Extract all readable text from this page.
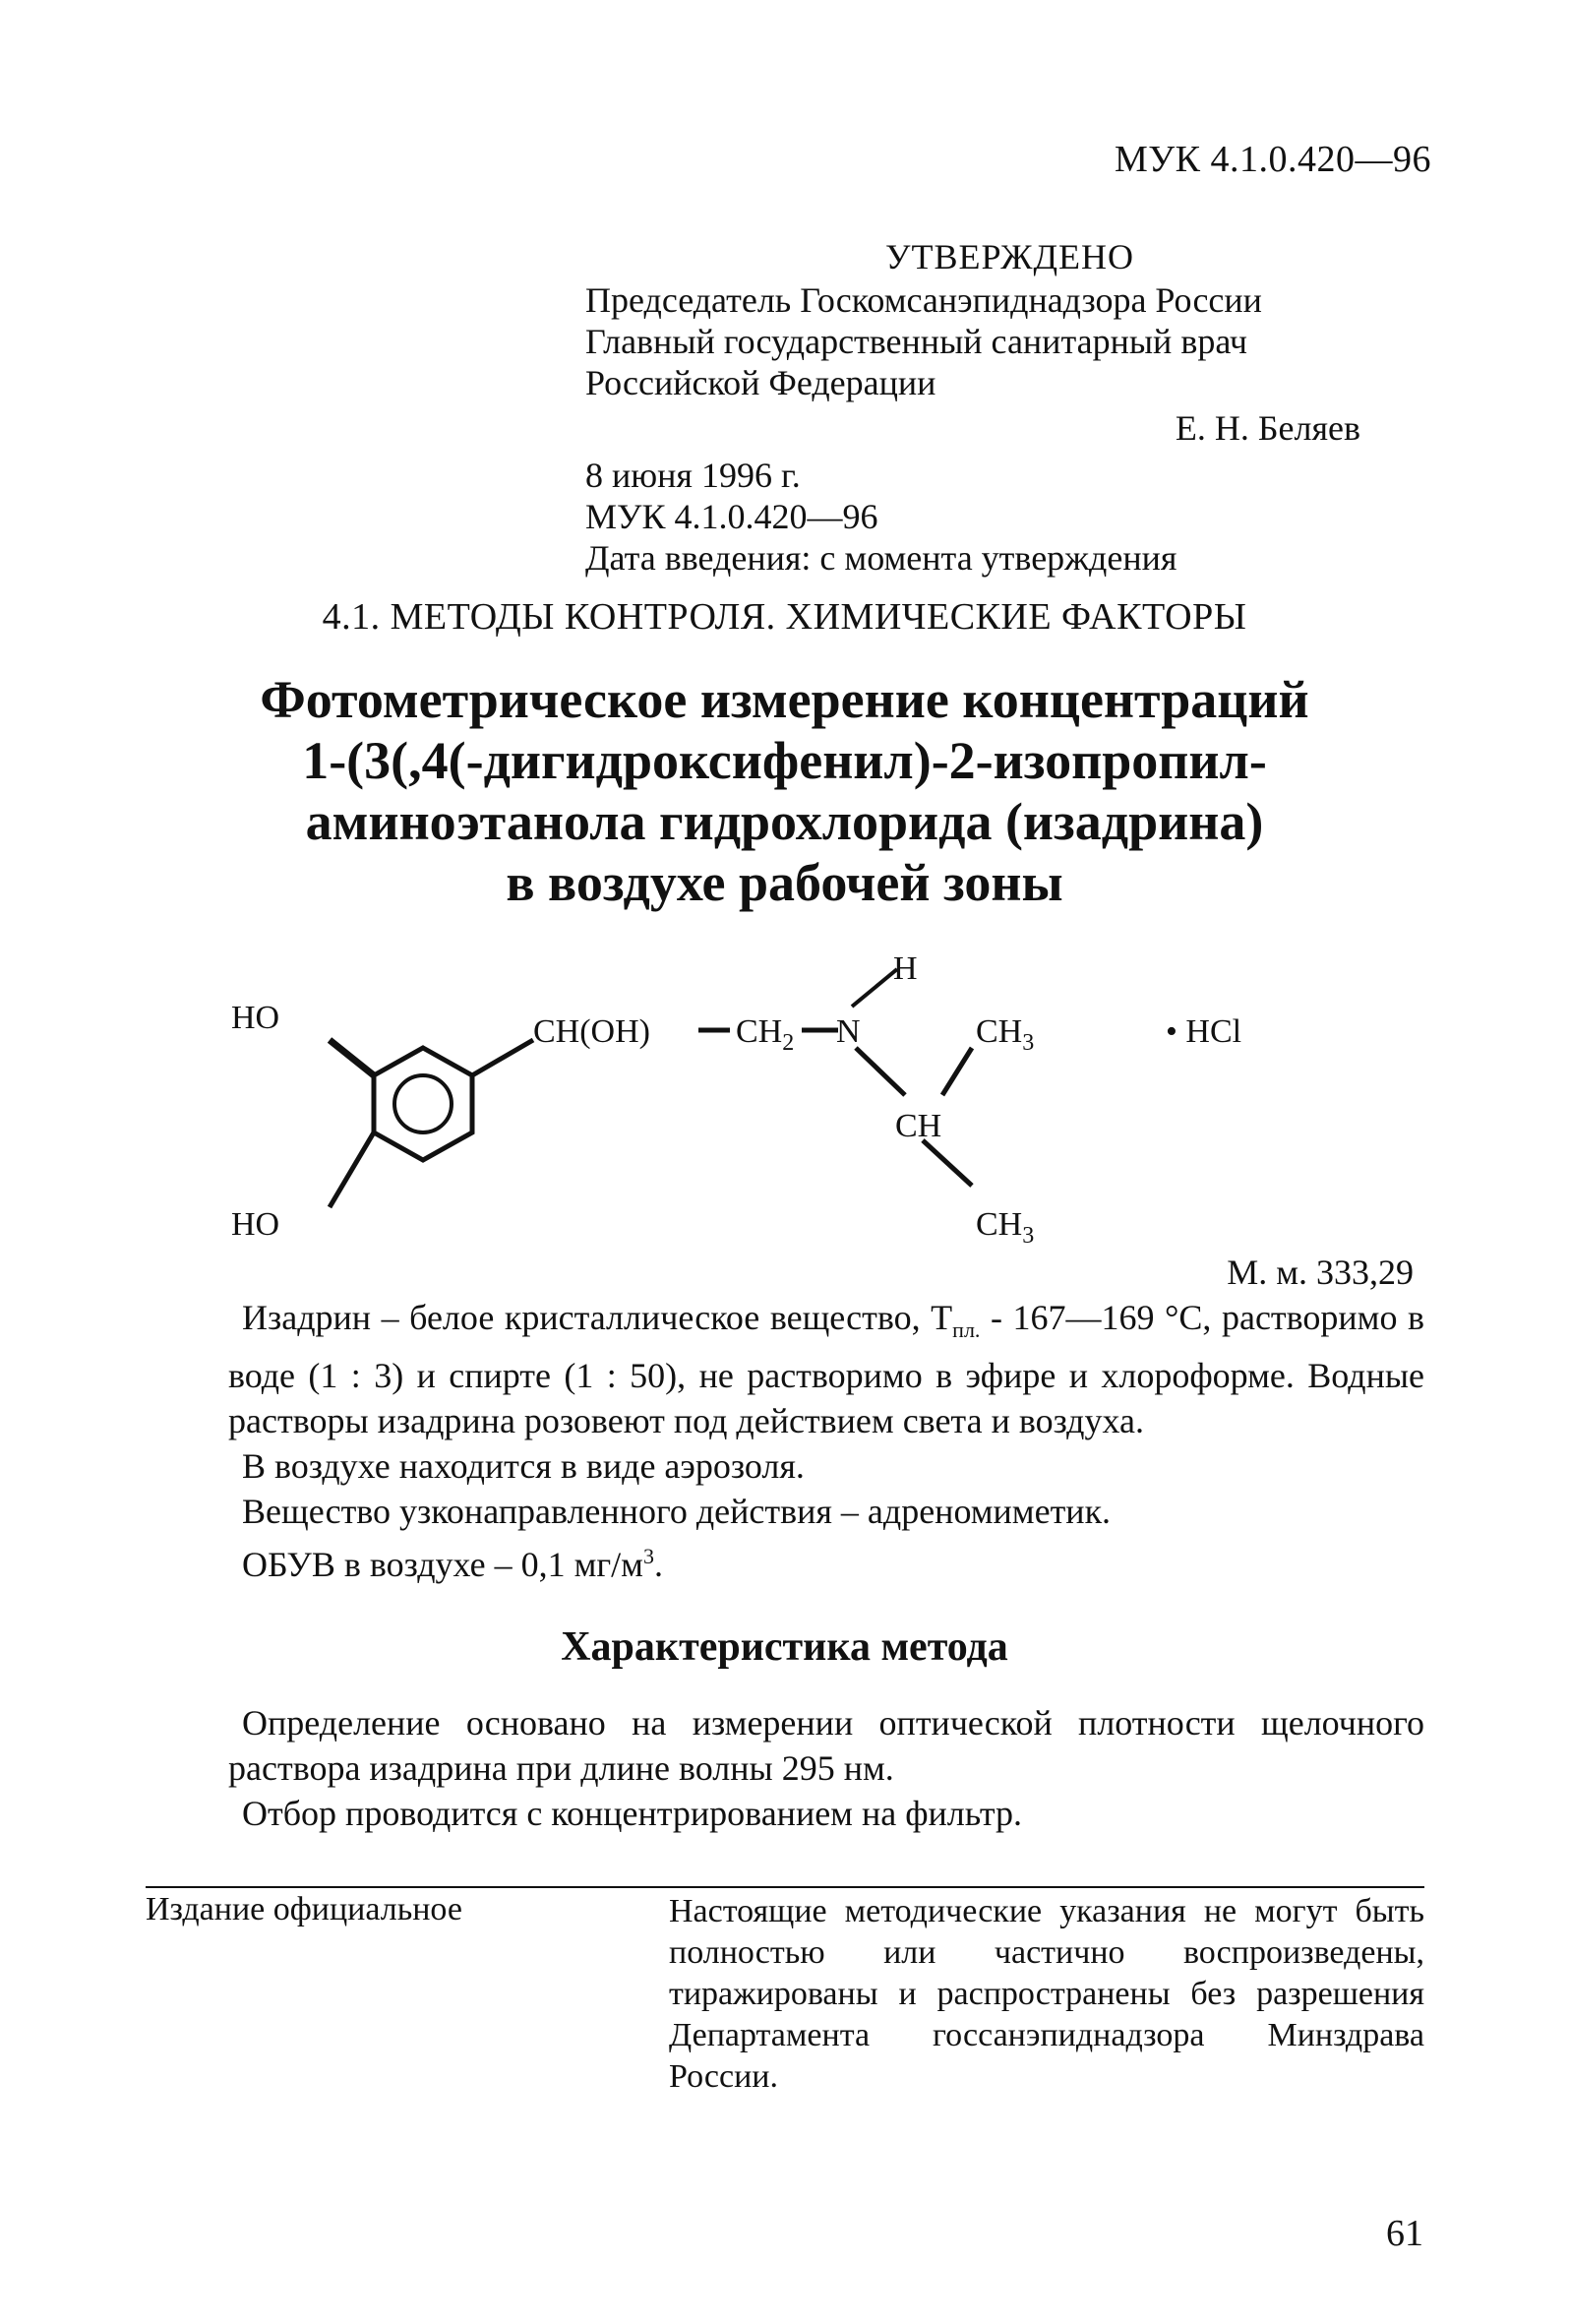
МУК 4.1.0.420—96
УТВЕРЖДЕНО
Председатель Госкомсанэпиднадзора России
Главный государственный санитарный врач
Российской Федерации
Е. Н. Беляев
8 июня 1996 г.
МУК 4.1.0.420—96
Дата введения: с момента утверждения
4.1. МЕТОДЫ КОНТРОЛЯ. ХИМИЧЕСКИЕ ФАКТОРЫ
Фотометрическое измерение концентраций
1-(3(,4(-дигидроксифенил)-2-изопропил-
аминоэтанола гидрохлорида (изадрина)
в воздухе рабочей зоны
HO
HO
CH(OH)	$CH_2$ N
H
$CH_3$
CH
$CH_3$
• HCl
М. м. 333,29

Изадрин – белое кристаллическое вещество, $Т_{пл.}$ - 167—169 °С, растворимо в воде (1 : 3) и спирте (1 : 50), не растворимо в эфире и хлороформе. Водные растворы изадрина розовеют под действием света и воздуха.

В воздухе находится в виде аэрозоля.

Вещество узконаправленного действия – адреномиметик.

ОБУВ в воздухе – 0,1 $мг/м^3$.

Характеристика метода

Определение основано на измерении оптической плотности щелочного раствора изадрина при длине волны 295 нм.

Отбор проводится с концентрированием на фильтр.

Издание официальное	Настоящие методические указания не могут быть полностью или частично воспроизведены, тиражированы и распространены без разрешения Департамента госсанэпиднадзора Минздрава России.
61
